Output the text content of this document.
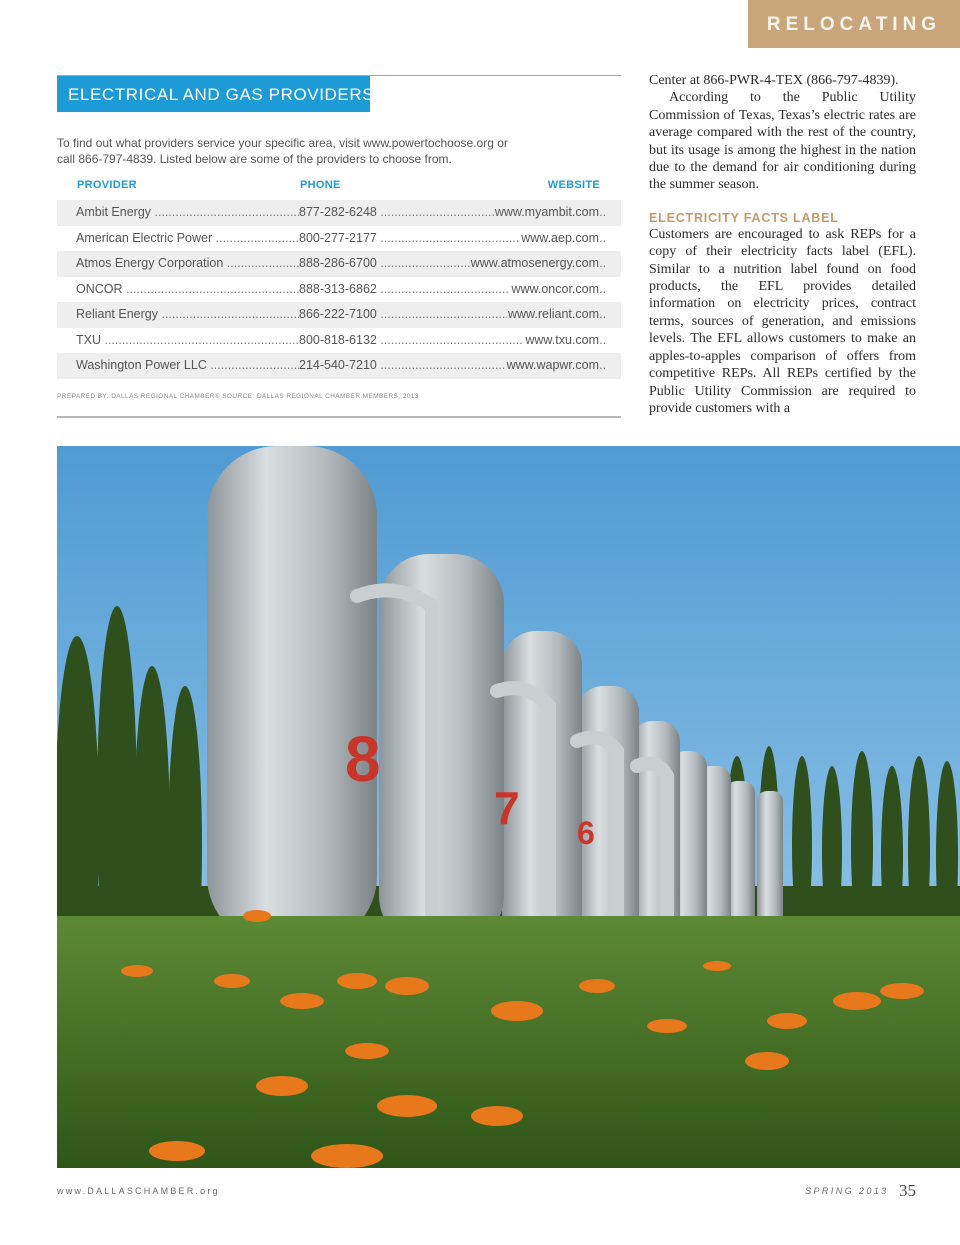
RELOCATING
ELECTRICAL AND GAS PROVIDERS

To find out what providers service your specific area, visit www.powertochoose.org or call 866-797-4839. Listed below are some of the providers to choose from.

PROVIDER	PHONE	WEBSITE
Ambit Energy .....	877-282-6248 .....	www.myambit.com
American Electric Power .....	800-277-2177 .....	www.aep.com
Atmos Energy Corporation .....	888-286-6700 .....	www.atmosenergy.com
ONCOR .....	888-313-6862 .....	www.oncor.com
Reliant Energy .....	866-222-7100 .....	www.reliant.com
TXU .....	800-818-6132 .....	www.txu.com
Washington Power LLC .....	214-540-7210 .....	www.wapwr.com
PREPARED BY: DALLAS REGIONAL CHAMBER® SOURCE: DALLAS REGIONAL CHAMBER MEMBERS, 2013

Center at 866-PWR-4-TEX (866-797-4839).

According to the Public Utility Commission of Texas, Texas’s electric rates are average compared with the rest of the country, but its usage is among the highest in the nation due to the demand for air conditioning during the summer season.

ELECTRICITY FACTS LABEL

Customers are encouraged to ask REPs for a copy of their electricity facts label (EFL). Similar to a nutrition label found on food products, the EFL provides detailed information on electricity prices, contract terms, sources of generation, and emissions levels. The EFL allows customers to make an apples-to-apples comparison of offers from competitive REPs. All REPs certified by the Public Utility Commission are required to provide customers with a

8
7 6
www.DALLASCHAMBER.org	SPRING 2013 35
